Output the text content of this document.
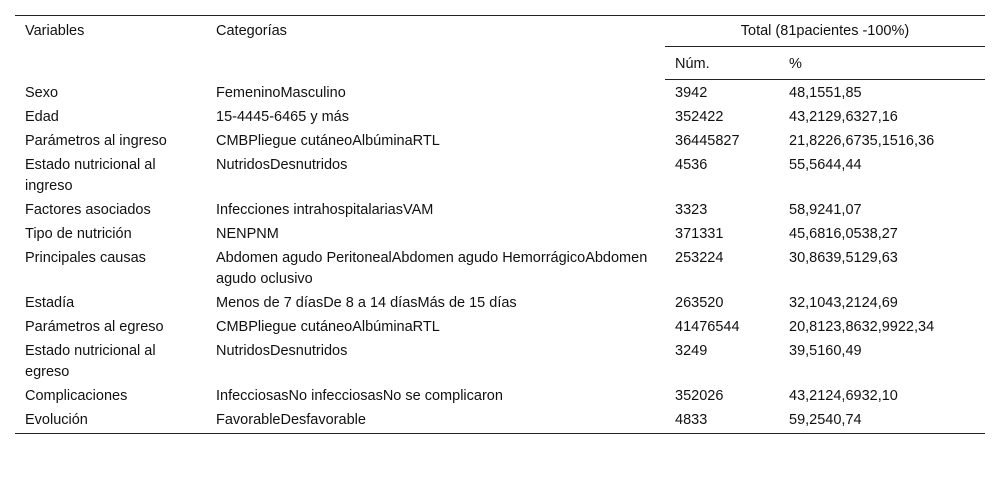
Variables	Categorías	Total (81pacientes -100%)	
		Núm.	%
Sexo	FemeninoMasculino	3942	48,1551,85
Edad	15-4445-6465 y más	352422	43,2129,6327,16
Parámetros al ingreso	CMBPliegue cutáneoAlbúminaRTL	36445827	21,8226,6735,1516,36
Estado nutricional al ingreso	NutridosDesnutridos	4536	55,5644,44
Factores asociados	Infecciones intrahospitalariasVAM	3323	58,9241,07
Tipo de nutrición	NENPNM	371331	45,6816,0538,27
Principales causas	Abdomen agudo PeritonealAbdomen agudo HemorrágicoAbdomen agudo oclusivo	253224	30,8639,5129,63
Estadía	Menos de 7 díasDe 8 a 14 díasMás de 15 días	263520	32,1043,2124,69
Parámetros al egreso	CMBPliegue cutáneoAlbúminaRTL	41476544	20,8123,8632,9922,34
Estado nutricional al egreso	NutridosDesnutridos	3249	39,5160,49
Complicaciones	InfecciosasNo infecciosasNo se complicaron	352026	43,2124,6932,10
Evolución	FavorableDesfavorable	4833	59,2540,74
